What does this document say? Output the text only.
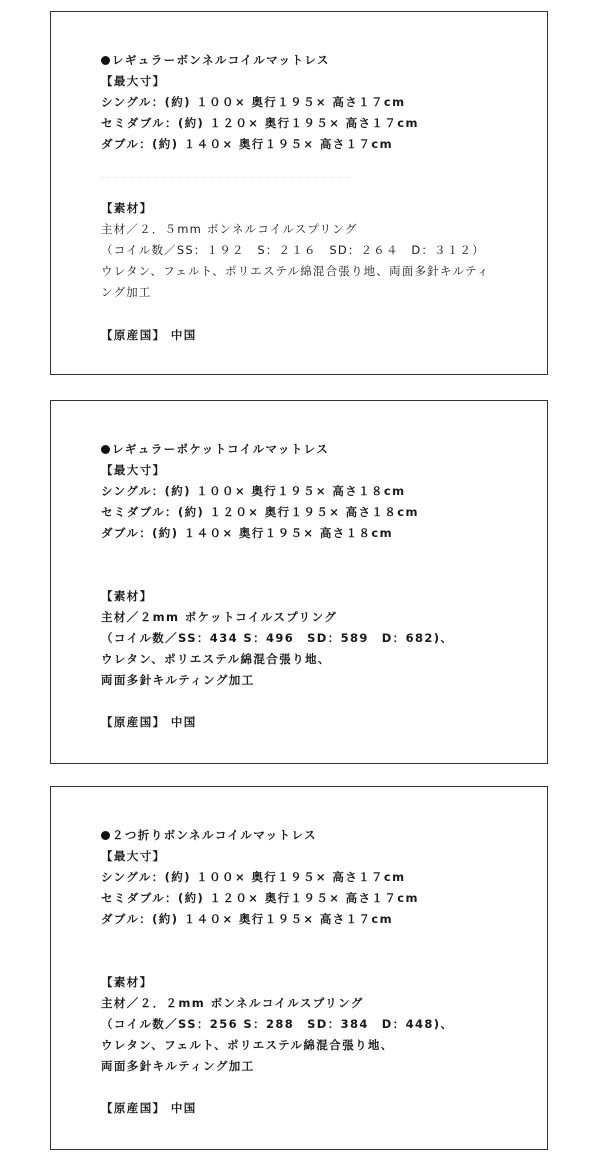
レギュラーボンネルコイルマットレス
【最大寸】
シングル：(約) １００× 奥行１９５× 高さ１７cm
セミダブル：(約) １２０× 奥行１９５× 高さ１７cm
ダブル：(約) １４０× 奥行１９５× 高さ１７cm
【素材】
主材／２．５mm ボンネルコイルスプリング
（コイル数／SS：１９２　S：２１６　SD：２６４　D：３１２）
ウレタン、フェルト、ポリエステル綿混合張り地、両面多針キルティ
ング加工
【原産国】 中国
レギュラーポケットコイルマットレス
【最大寸】
シングル：(約) １００× 奥行１９５× 高さ１８cm
セミダブル：(約) １２０× 奥行１９５× 高さ１８cm
ダブル：(約) １４０× 奥行１９５× 高さ１８cm
【素材】
主材／２mm ポケットコイルスプリング
（コイル数／SS：434 S：496　SD：589　D：682)、
ウレタン、ポリエステル綿混合張り地、
両面多針キルティング加工
【原産国】 中国
２つ折りボンネルコイルマットレス
【最大寸】
シングル：(約) １００× 奥行１９５× 高さ１７cm
セミダブル：(約) １２０× 奥行１９５× 高さ１７cm
ダブル：(約) １４０× 奥行１９５× 高さ１７cm
【素材】
主材／２．２mm ボンネルコイルスプリング
（コイル数／SS：256 S：288　SD：384　D：448)、
ウレタン、フェルト、ポリエステル綿混合張り地、
両面多針キルティング加工
【原産国】 中国
